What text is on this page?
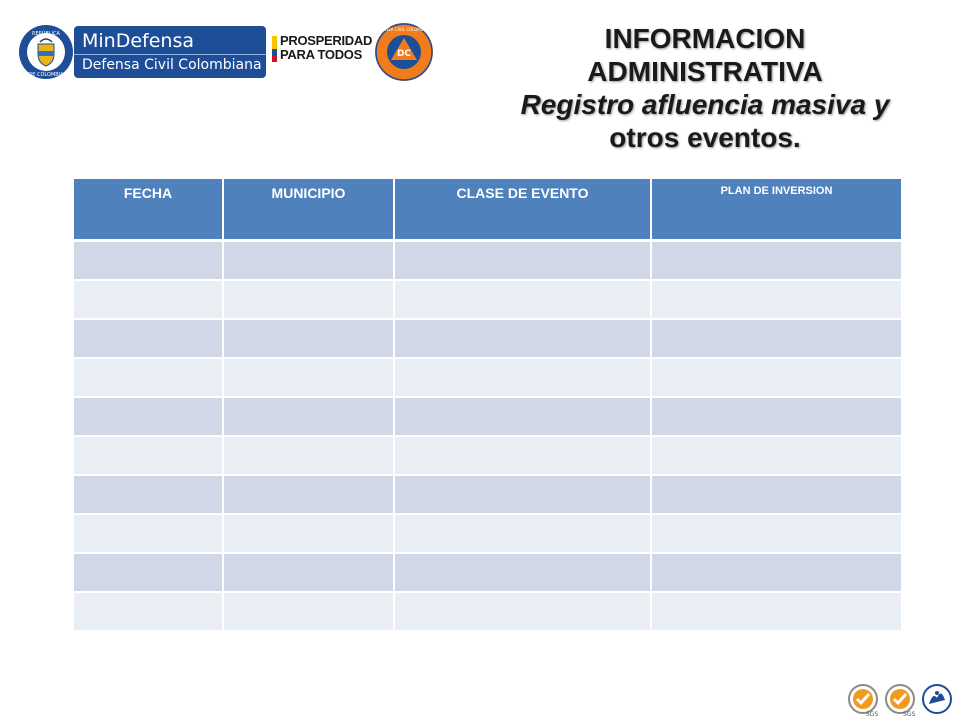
REPÚBLICA
DE COLOMBIA
MinDefensa
Defensa Civil Colombiana
PROSPERIDAD
PARA TODOS	DC
DEFENSA CIVIL COLOMBIANA	INFORMACION
ADMINISTRATIVA
Registro afluencia masiva y
otros eventos.
FECHA	MUNICIPIO	CLASE DE EVENTO	PLAN DE INVERSION

SGS	SGS
